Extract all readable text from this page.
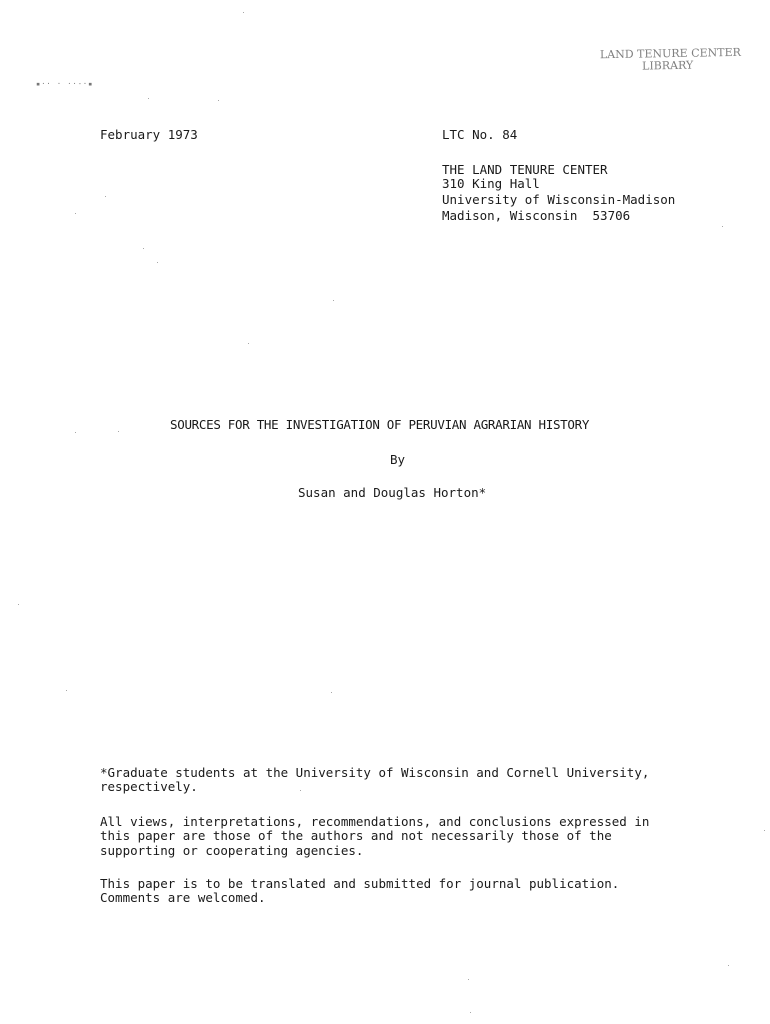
▪·· · ··-·▪
LAND TENURE CENTER
LIBRARY
February 1973	LTC No. 84
THE LAND TENURE CENTER
310 King Hall
University of Wisconsin-Madison
Madison, Wisconsin  53706
SOURCES FOR THE INVESTIGATION OF PERUVIAN AGRARIAN HISTORY
By
Susan and Douglas Horton*
*Graduate students at the University of Wisconsin and Cornell University,
respectively.
All views, interpretations, recommendations, and conclusions expressed in
this paper are those of the authors and not necessarily those of the
supporting or cooperating agencies.
This paper is to be translated and submitted for journal publication.
Comments are welcomed.
